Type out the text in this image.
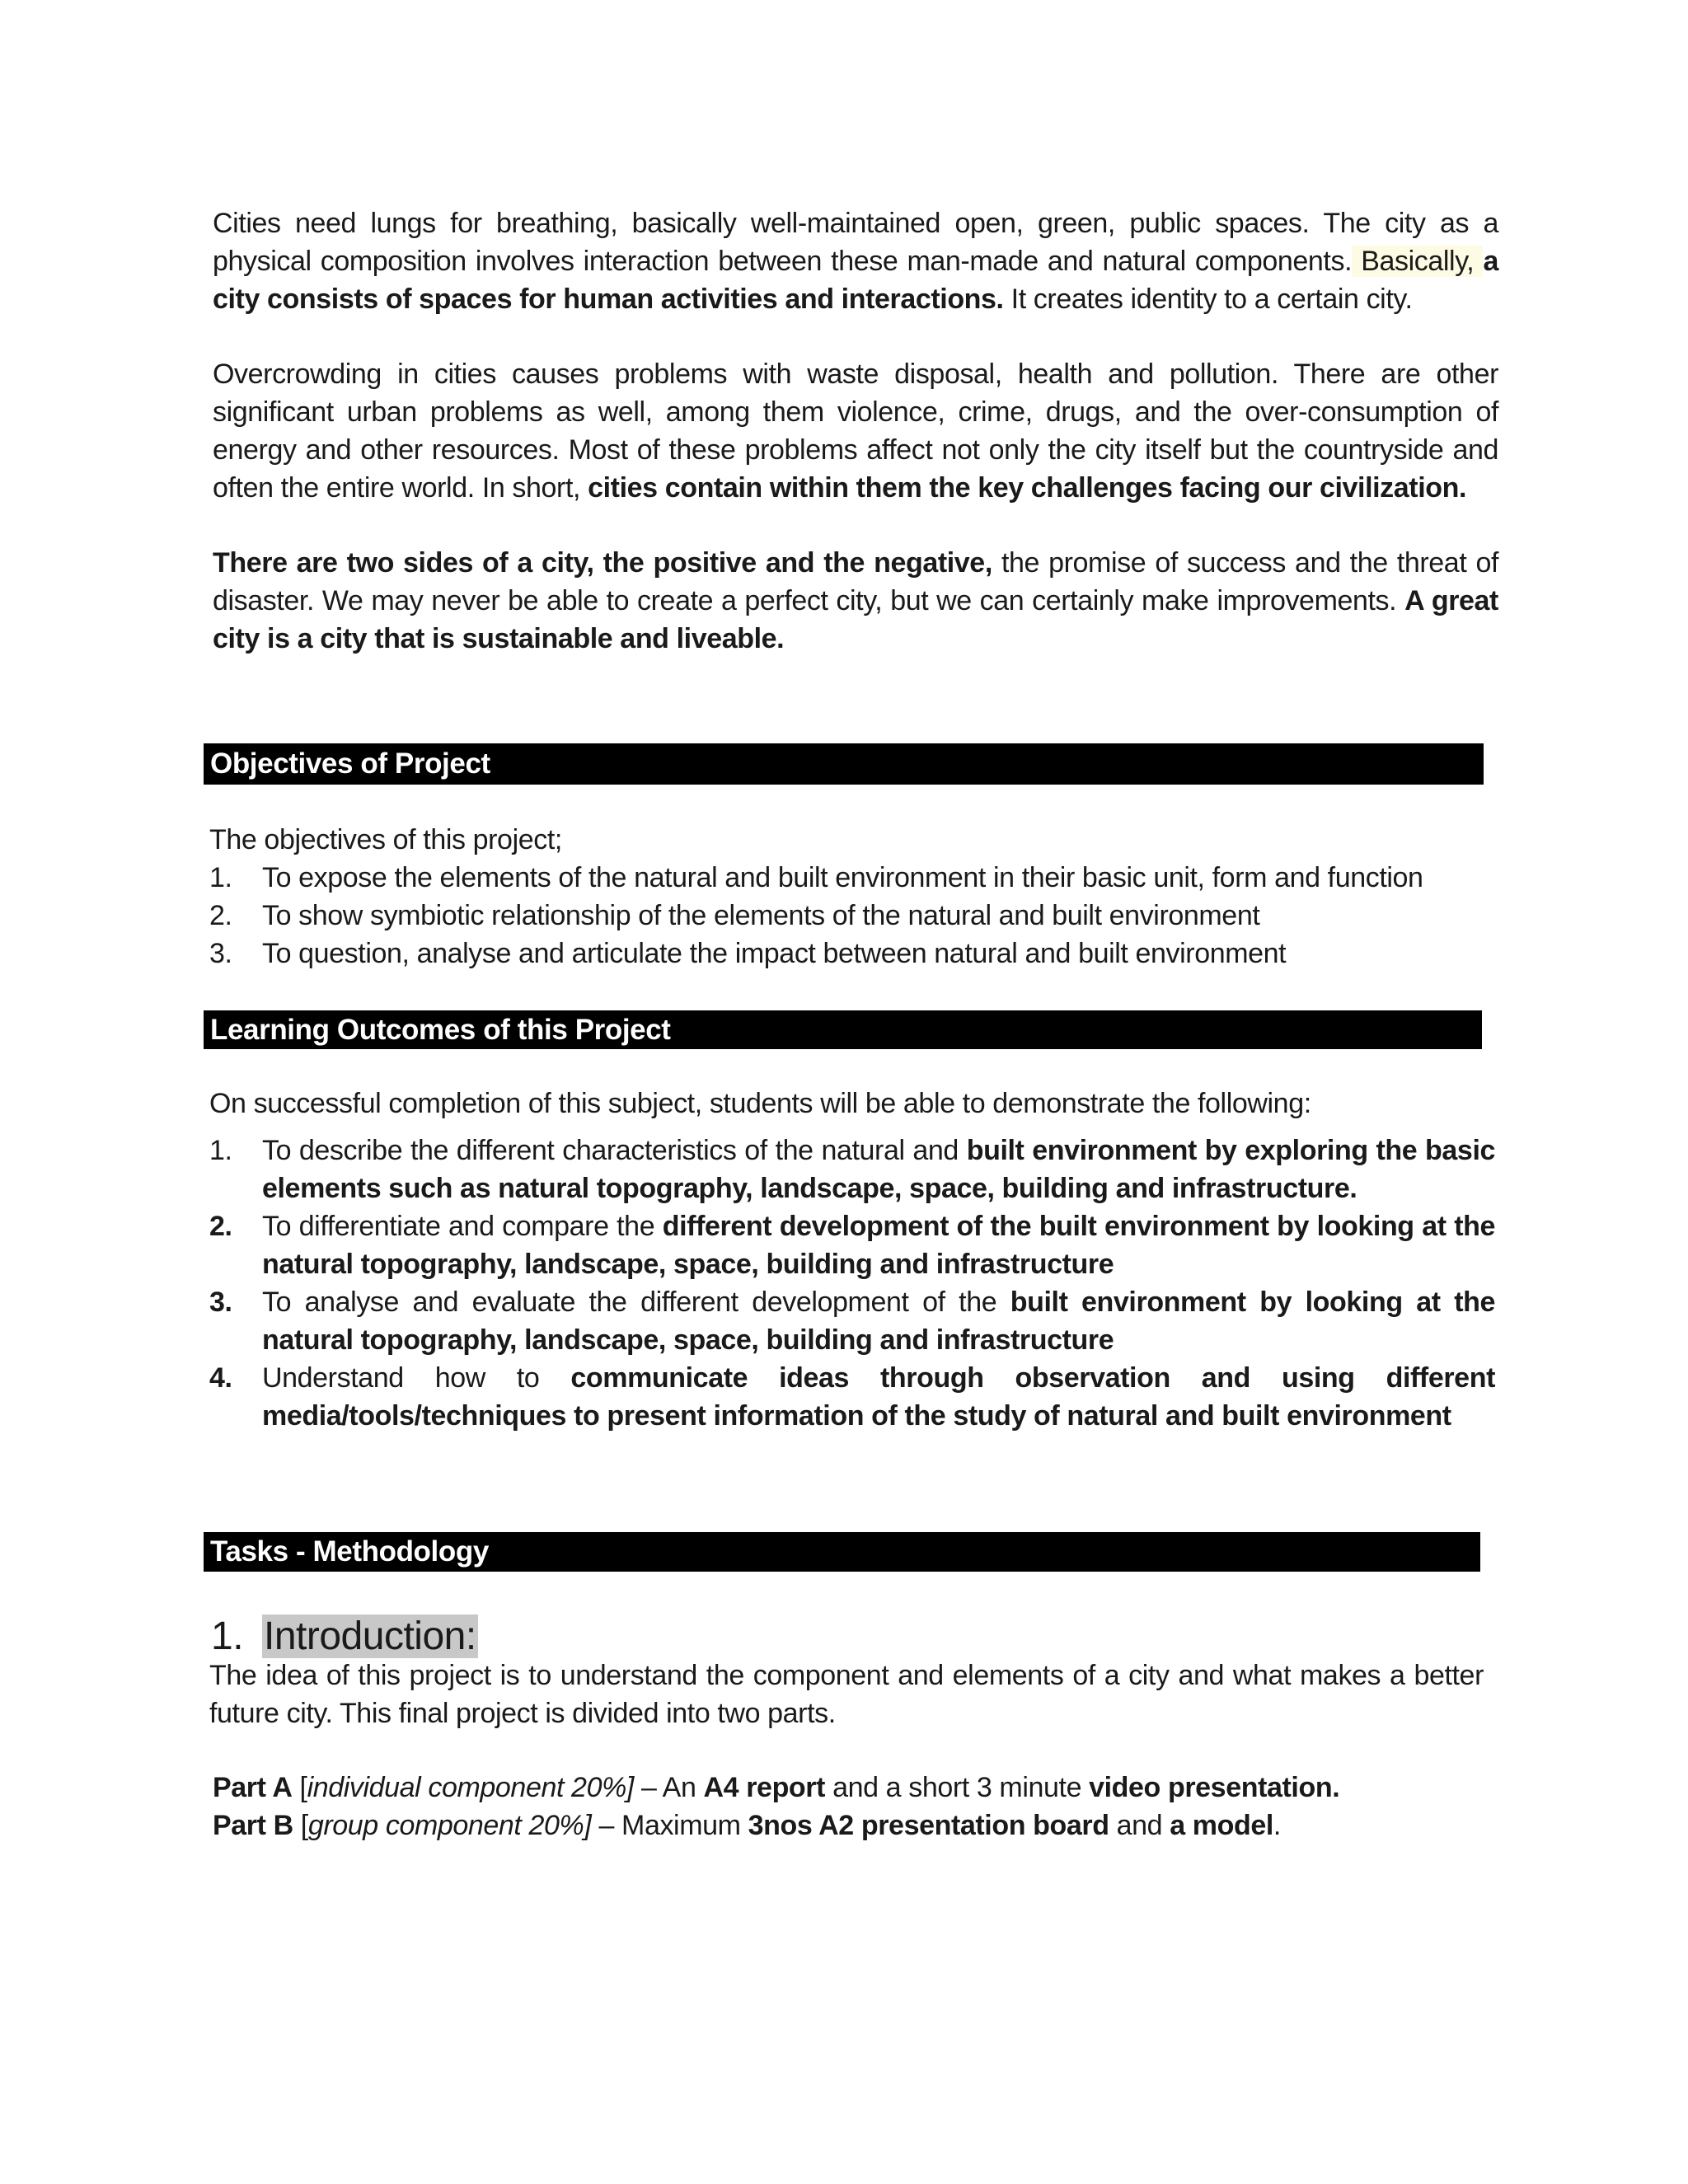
Cities need lungs for breathing, basically well-maintained open, green, public spaces. The city as a physical composition involves interaction between these man-made and natural components. Basically, a city consists of spaces for human activities and interactions. It creates identity to a certain city.
Overcrowding in cities causes problems with waste disposal, health and pollution. There are other significant urban problems as well, among them violence, crime, drugs, and the over-consumption of energy and other resources. Most of these problems affect not only the city itself but the countryside and often the entire world. In short, cities contain within them the key challenges facing our civilization.
There are two sides of a city, the positive and the negative, the promise of success and the threat of disaster. We may never be able to create a perfect city, but we can certainly make improvements. A great city is a city that is sustainable and liveable.
Objectives of Project
The objectives of this project;
1. To expose the elements of the natural and built environment in their basic unit, form and function
2. To show symbiotic relationship of the elements of the natural and built environment
3. To question, analyse and articulate the impact between natural and built environment
Learning Outcomes of this Project
On successful completion of this subject, students will be able to demonstrate the following:
1. To describe the different characteristics of the natural and built environment by exploring the basic elements such as natural topography, landscape, space, building and infrastructure.
2. To differentiate and compare the different development of the built environment by looking at the natural topography, landscape, space, building and infrastructure
3. To analyse and evaluate the different development of the built environment by looking at the natural topography, landscape, space, building and infrastructure
4. Understand how to communicate ideas through observation and using different media/tools/techniques to present information of the study of natural and built environment
Tasks - Methodology
1. Introduction:
The idea of this project is to understand the component and elements of a city and what makes a better future city. This final project is divided into two parts.
Part A [individual component 20%] – An A4 report and a short 3 minute video presentation.
Part B [group component 20%] – Maximum 3nos A2 presentation board and a model.
